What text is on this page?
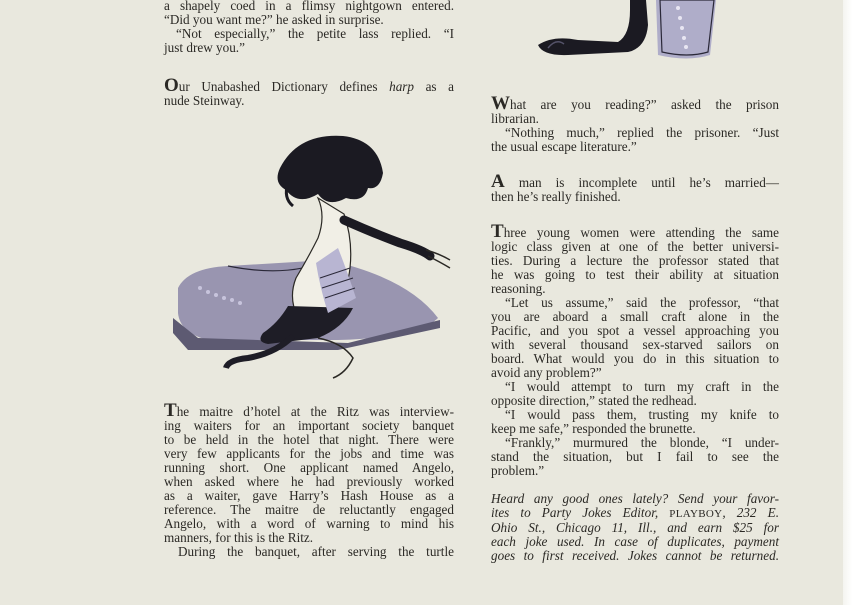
a shapely coed in a flimsy nightgown entered.
“Did you want me?” he asked in surprise.
“Not especially,” the petite lass replied. “I
just drew you.”
Our Unabashed Dictionary defines harp as a
nude Steinway.
The maitre d’hotel at the Ritz was interview-
ing waiters for an important society banquet
to be held in the hotel that night. There were
very few applicants for the jobs and time was
running short. One applicant named Angelo,
when asked where he had previously worked
as a waiter, gave Harry’s Hash House as a
reference. The maitre de reluctantly engaged
Angelo, with a word of warning to mind his
manners, for this is the Ritz.
During the banquet, after serving the turtle
What are you reading?” asked the prison
librarian.
“Nothing much,” replied the prisoner. “Just
the usual escape literature.”
A man is incomplete until he’s married—
then he’s really finished.
Three young women were attending the same
logic class given at one of the better universi-
ties. During a lecture the professor stated that
he was going to test their ability at situation
reasoning.
“Let us assume,” said the professor, “that
you are aboard a small craft alone in the
Pacific, and you spot a vessel approaching you
with several thousand sex-starved sailors on
board. What would you do in this situation to
avoid any problem?”
“I would attempt to turn my craft in the
opposite direction,” stated the redhead.
“I would pass them, trusting my knife to
keep me safe,” responded the brunette.
“Frankly,” murmured the blonde, “I under-
stand the situation, but I fail to see the
problem.”
Heard any good ones lately? Send your favor-
ites to Party Jokes Editor, PLAYBOY, 232 E.
Ohio St., Chicago 11, Ill., and earn $25 for
each joke used. In case of duplicates, payment
goes to first received. Jokes cannot be returned.
